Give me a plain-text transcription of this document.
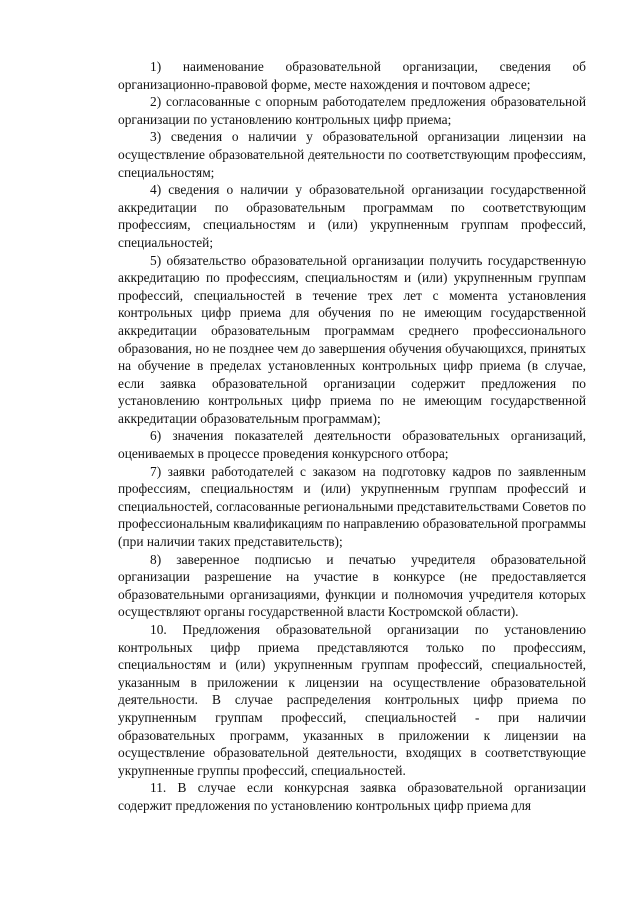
1) наименование образовательной организации, сведения об организационно-правовой форме, месте нахождения и почтовом адресе;

2) согласованные с опорным работодателем предложения образовательной организации по установлению контрольных цифр приема;

3) сведения о наличии у образовательной организации лицензии на осуществление образовательной деятельности по соответствующим профессиям, специальностям;

4) сведения о наличии у образовательной организации государственной аккредитации по образовательным программам по соответствующим профессиям, специальностям и (или) укрупненным группам профессий, специальностей;

5) обязательство образовательной организации получить государственную аккредитацию по профессиям, специальностям и (или) укрупненным группам профессий, специальностей в течение трех лет с момента установления контрольных цифр приема для обучения по не имеющим государственной аккредитации образовательным программам среднего профессионального образования, но не позднее чем до завершения обучения обучающихся, принятых на обучение в пределах установленных контрольных цифр приема (в случае, если заявка образовательной организации содержит предложения по установлению контрольных цифр приема по не имеющим государственной аккредитации образовательным программам);

6) значения показателей деятельности образовательных организаций, оцениваемых в процессе проведения конкурсного отбора;

7) заявки работодателей с заказом на подготовку кадров по заявленным профессиям, специальностям и (или) укрупненным группам профессий и специальностей, согласованные региональными представительствами Советов по профессиональным квалификациям по направлению образовательной программы (при наличии таких представительств);

8) заверенное подписью и печатью учредителя образовательной организации разрешение на участие в конкурсе (не предоставляется образовательными организациями, функции и полномочия учредителя которых осуществляют органы государственной власти Костромской области).

10. Предложения образовательной организации по установлению контрольных цифр приема представляются только по профессиям, специальностям и (или) укрупненным группам профессий, специальностей, указанным в приложении к лицензии на осуществление образовательной деятельности. В случае распределения контрольных цифр приема по укрупненным группам профессий, специальностей - при наличии образовательных программ, указанных в приложении к лицензии на осуществление образовательной деятельности, входящих в соответствующие укрупненные группы профессий, специальностей.

11. В случае если конкурсная заявка образовательной организации содержит предложения по установлению контрольных цифр приема для
